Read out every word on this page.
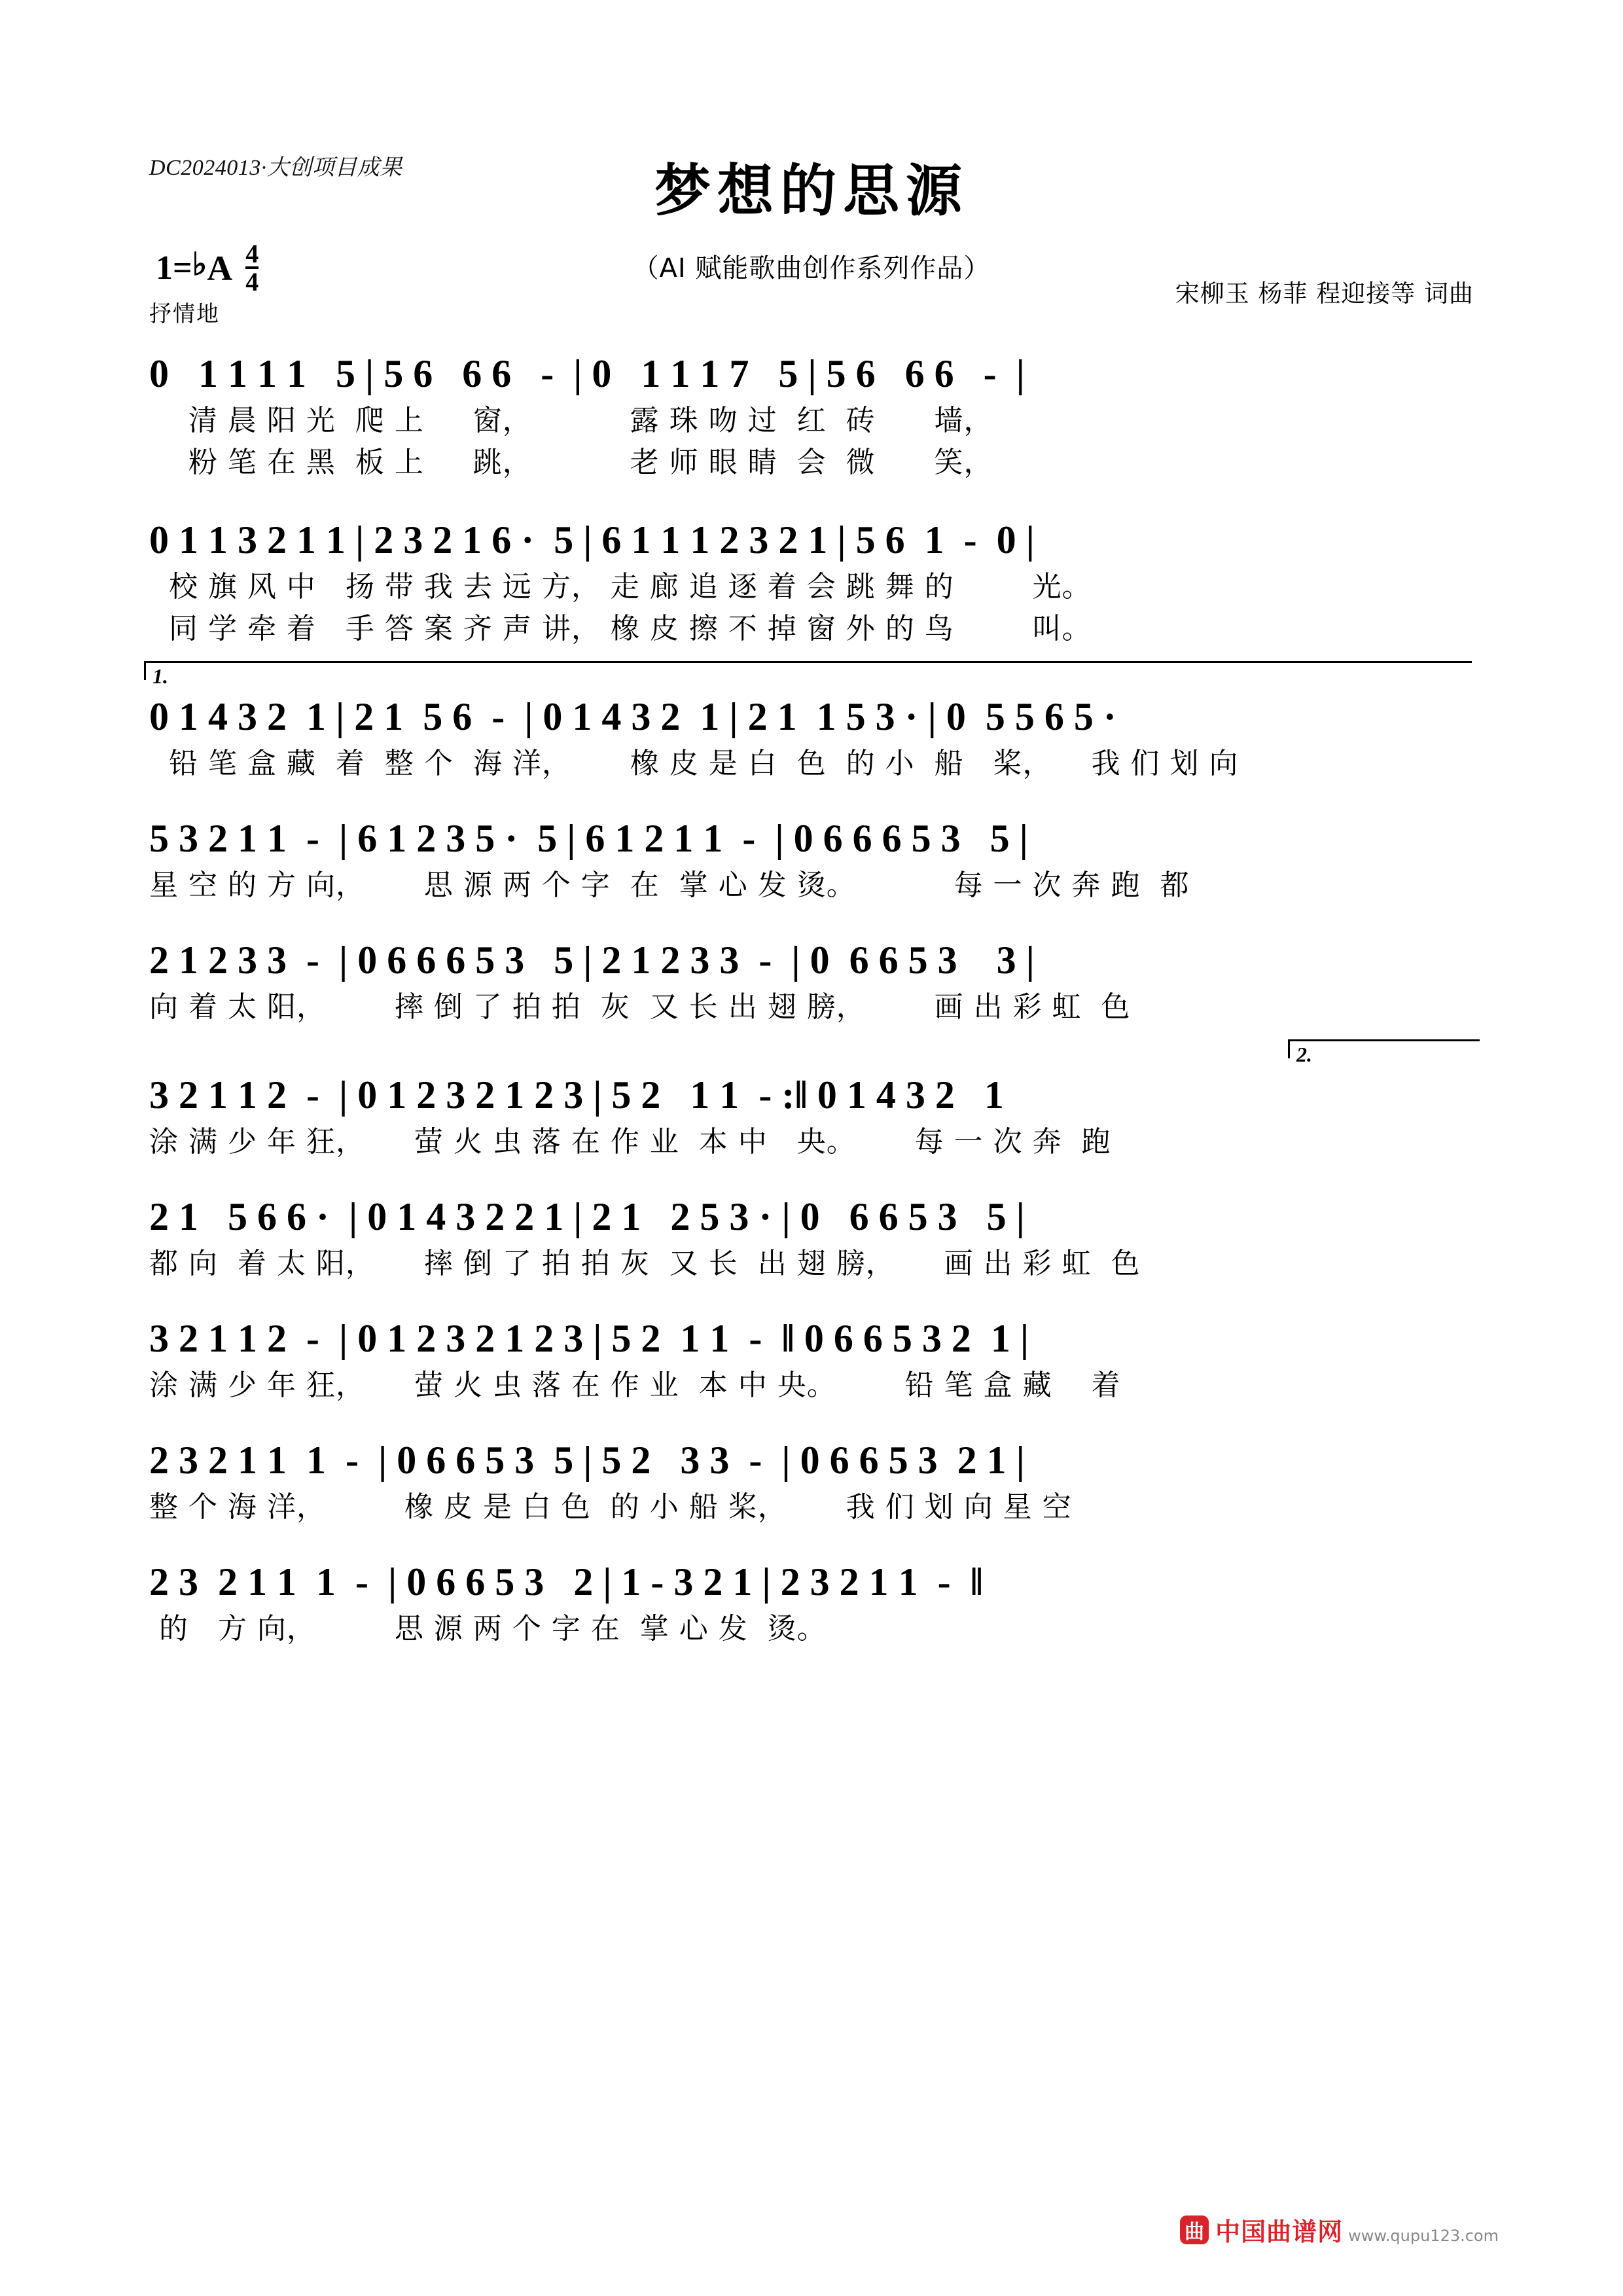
DC2024013·大创项目成果	梦想的思源
（AI 赋能歌曲创作系列作品）
宋柳玉 杨菲 程迎接等 词曲
1= ♭ A $\frac{4}{4}$
抒情地
0   1 1 1 1   5 | 5 6   6 6   -  | 0   1 1 1 7   5 | 5 6   6 6   -  |
清 晨 阳 光  爬 上     窗，          露 珠 吻 过  红  砖      墙，
粉 笔 在 黑  板 上     跳，          老 师 眼 睛  会  微      笑，
0 1 1 3 2 1 1 | 2 3 2 1 6 ·  5 | 6 1 1 1 2 3 2 1 | 5 6  1  -  0 |
校 旗 风 中   扬 带 我 去 远 方， 走 廊 追 逐 着 会 跳 舞 的        光。
同 学 牵 着   手 答 案 齐 声 讲， 橡 皮 擦 不 掉 窗 外 的 鸟        叫。
1.
0 1 4 3 2  1 | 2 1  5 6  -  | 0 1 4 3 2  1 | 2 1  1 5 3 · | 0  5 5 6 5 ·
铅 笔 盒 藏  着  整 个  海 洋，      橡 皮 是 白  色  的 小  船   桨，    我 们 划 向
5 3 2 1 1  -  | 6 1 2 3 5 ·  5 | 6 1 2 1 1  -  | 0 6 6 6 5 3   5 |
星 空 的 方 向，      思 源 两 个 字  在  掌 心 发 烫。          每 一 次 奔 跑  都
2 1 2 3 3  -  | 0 6 6 6 5 3   5 | 2 1 2 3 3  -  | 0  6 6 5 3    3 |
向 着 太 阳，       摔 倒 了 拍 拍  灰  又 长 出 翅 膀，       画 出 彩 虹  色
2.
3 2 1 1 2  -  | 0 1 2 3 2 1 2 3 | 5 2   1 1  - :‖ 0 1 4 3 2   1
涂 满 少 年 狂，     萤 火 虫 落 在 作 业  本 中   央。      每 一 次 奔  跑
2 1   5 6 6 ·  | 0 1 4 3 2 2 1 | 2 1   2 5 3 · | 0   6 6 5 3   5 |
都 向  着 太 阳，     摔 倒 了 拍 拍 灰  又 长  出 翅 膀，     画 出 彩 虹  色
3 2 1 1 2  -  | 0 1 2 3 2 1 2 3 | 5 2  1 1  -  ‖ 0 6 6 5 3 2  1 |
涂 满 少 年 狂，     萤 火 虫 落 在 作 业  本 中 央。       铅 笔 盒 藏    着
2 3 2 1 1  1  -  | 0 6 6 5 3  5 | 5 2   3 3  -  | 0 6 6 5 3  2 1 |
整 个 海 洋，        橡 皮 是 白 色  的 小 船 桨，      我 们 划 向 星 空
2 3  2 1 1  1  -  | 0 6 6 5 3   2 | 1 - 3 2 1 | 2 3 2 1 1  -  ‖
的   方 向，        思 源 两 个 字 在  掌 心 发  烫。
曲 中国曲谱网 www.qupu123.com
